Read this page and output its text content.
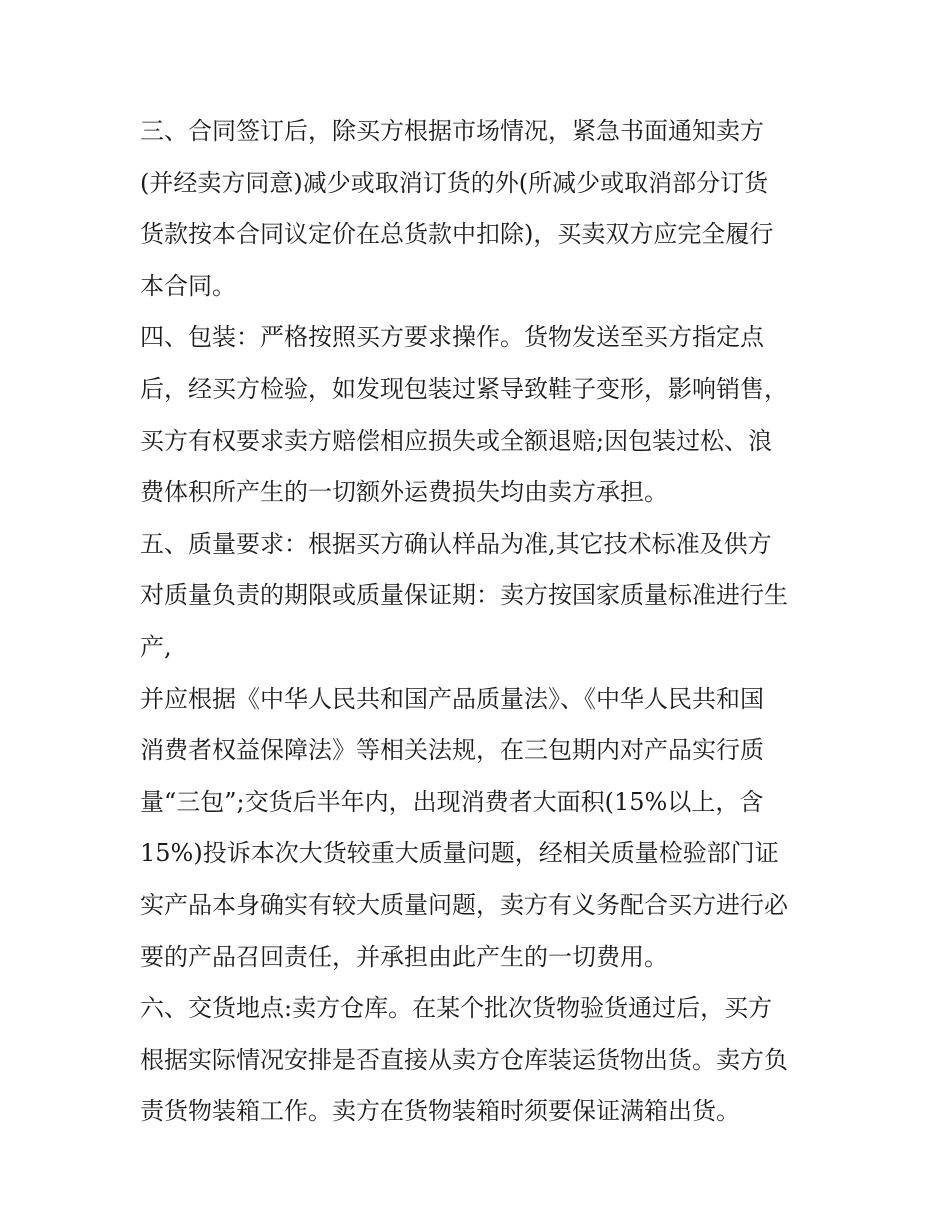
三、合同签订后，除买方根据市场情况，紧急书面通知卖方
(并经卖方同意)减少或取消订货的外(所减少或取消部分订货
货款按本合同议定价在总货款中扣除)，买卖双方应完全履行
本合同。
四、包装：严格按照买方要求操作。货物发送至买方指定点
后，经买方检验，如发现包装过紧导致鞋子变形，影响销售，
买方有权要求卖方赔偿相应损失或全额退赔;因包装过松、浪
费体积所产生的一切额外运费损失均由卖方承担。
五、质量要求：根据买方确认样品为准,其它技术标准及供方
对质量负责的期限或质量保证期：卖方按国家质量标准进行生
产,
并应根据《中华人民共和国产品质量法》、《中华人民共和国
消费者权益保障法》等相关法规，在三包期内对产品实行质
量“三包”;交货后半年内，出现消费者大面积(15%以上，含
15%)投诉本次大货较重大质量问题，经相关质量检验部门证
实产品本身确实有较大质量问题，卖方有义务配合买方进行必
要的产品召回责任，并承担由此产生的一切费用。
六、交货地点:卖方仓库。在某个批次货物验货通过后，买方
根据实际情况安排是否直接从卖方仓库装运货物出货。卖方负
责货物装箱工作。卖方在货物装箱时须要保证满箱出货。
